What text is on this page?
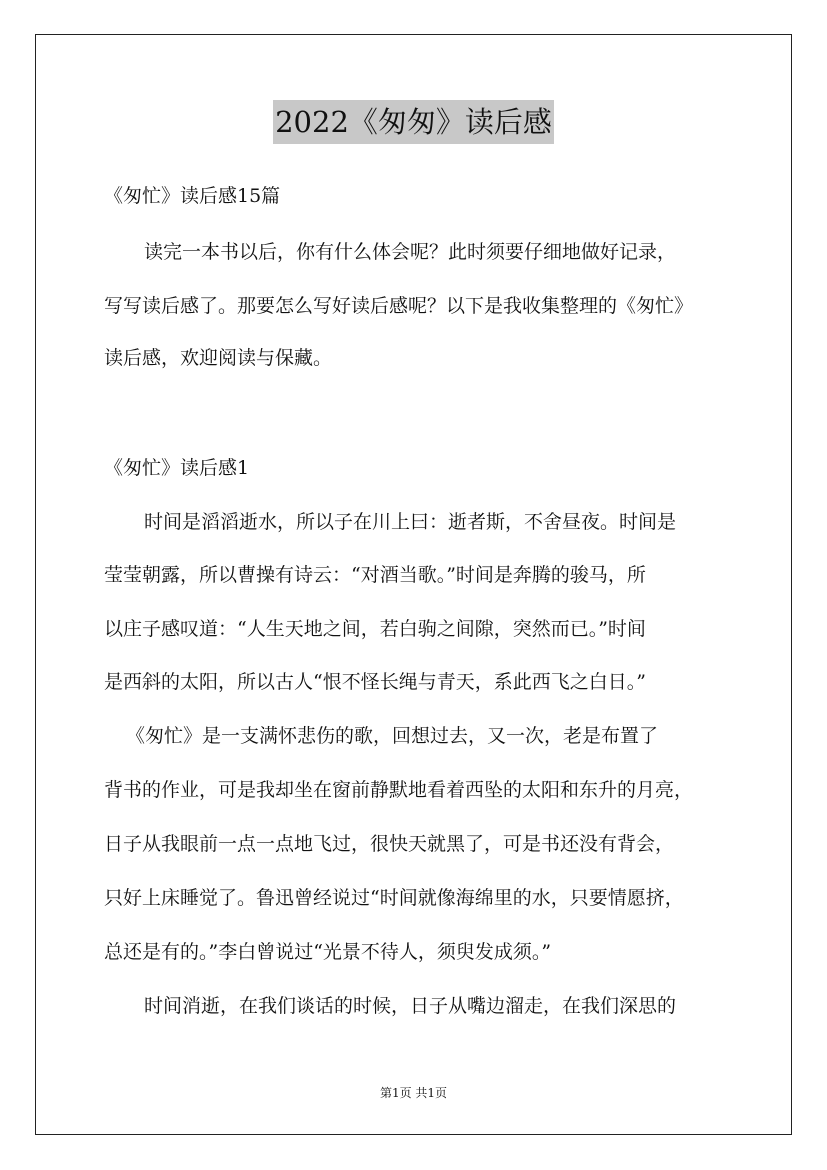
2022《匆匆》读后感
《匆忙》读后感15篇
读完一本书以后，你有什么体会呢？此时须要仔细地做好记录，
写写读后感了。那要怎么写好读后感呢？以下是我收集整理的《匆忙》
读后感，欢迎阅读与保藏。
《匆忙》读后感1
时间是滔滔逝水，所以子在川上曰：逝者斯，不舍昼夜。时间是
莹莹朝露，所以曹操有诗云：“对酒当歌。”时间是奔腾的骏马，所
以庄子感叹道：“人生天地之间，若白驹之间隙，突然而已。”时间
是西斜的太阳，所以古人“恨不怪长绳与青天，系此西飞之白日。”
《匆忙》是一支满怀悲伤的歌，回想过去，又一次，老是布置了
背书的作业，可是我却坐在窗前静默地看着西坠的太阳和东升的月亮，
日子从我眼前一点一点地飞过，很快天就黑了，可是书还没有背会，
只好上床睡觉了。鲁迅曾经说过“时间就像海绵里的水，只要情愿挤，
总还是有的。”李白曾说过“光景不待人，须臾发成须。”
时间消逝，在我们谈话的时候，日子从嘴边溜走，在我们深思的
第1页 共1页
